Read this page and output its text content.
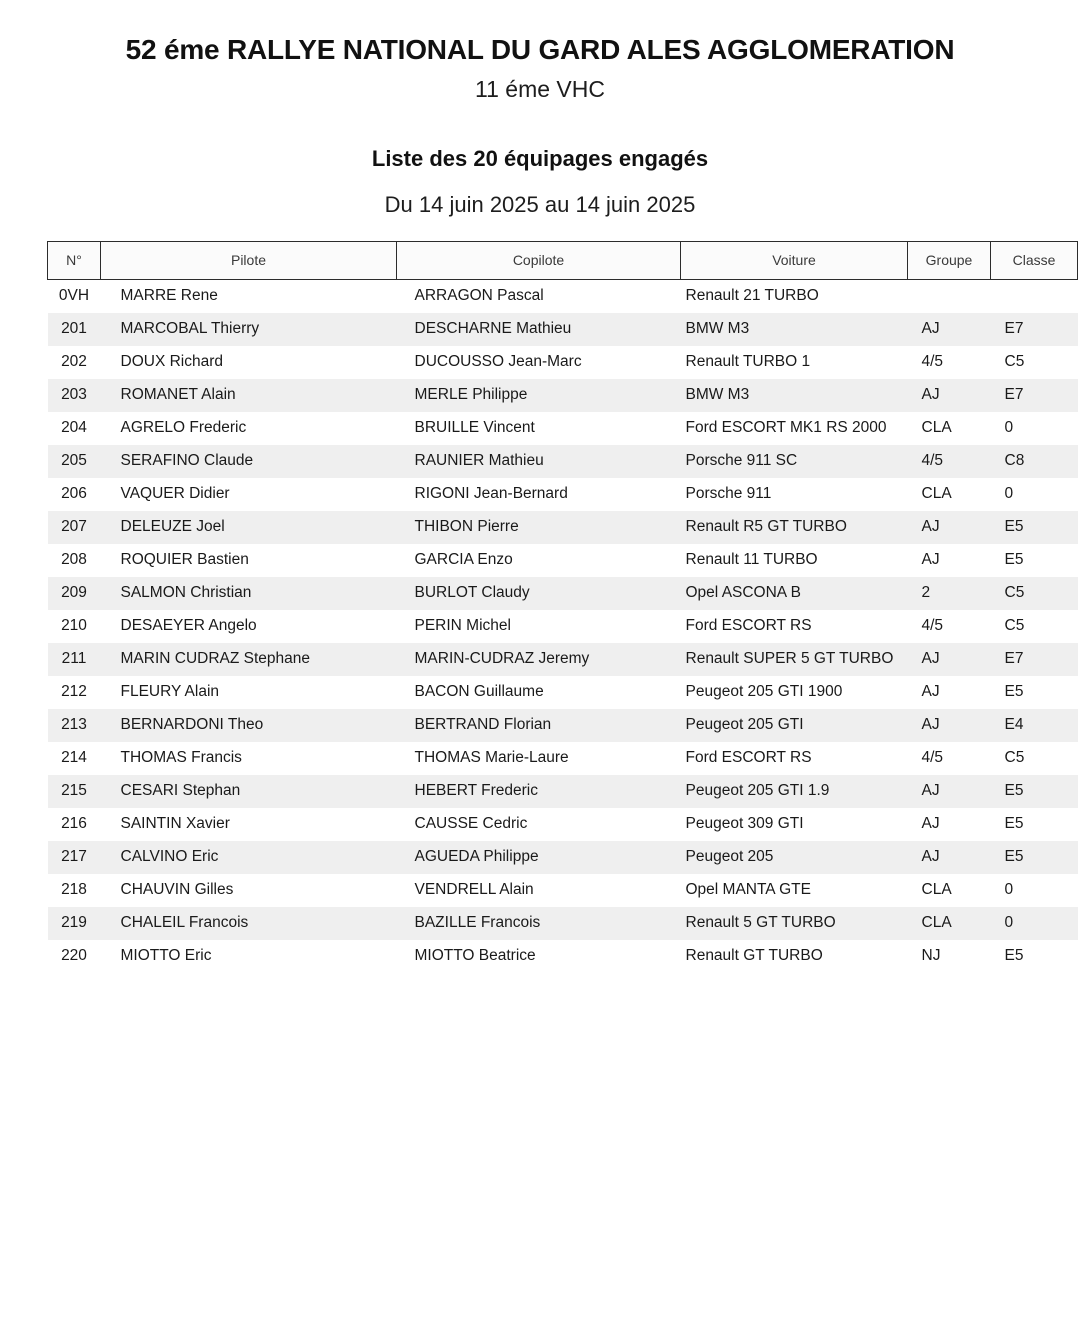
52 éme RALLYE NATIONAL DU GARD ALES AGGLOMERATION
11 éme VHC
Liste des 20 équipages engagés

Du 14 juin 2025 au 14 juin 2025

N°	Pilote	Copilote	Voiture	Groupe	Classe
0VH	MARRE Rene	ARRAGON Pascal	Renault 21 TURBO		
201	MARCOBAL Thierry	DESCHARNE Mathieu	BMW M3	AJ	E7
202	DOUX Richard	DUCOUSSO Jean-Marc	Renault TURBO 1	4/5	C5
203	ROMANET Alain	MERLE Philippe	BMW M3	AJ	E7
204	AGRELO Frederic	BRUILLE Vincent	Ford ESCORT MK1 RS 2000	CLA	0
205	SERAFINO Claude	RAUNIER Mathieu	Porsche 911 SC	4/5	C8
206	VAQUER Didier	RIGONI Jean-Bernard	Porsche 911	CLA	0
207	DELEUZE Joel	THIBON Pierre	Renault R5 GT TURBO	AJ	E5
208	ROQUIER Bastien	GARCIA Enzo	Renault 11 TURBO	AJ	E5
209	SALMON Christian	BURLOT Claudy	Opel ASCONA B	2	C5
210	DESAEYER Angelo	PERIN Michel	Ford ESCORT RS	4/5	C5
211	MARIN CUDRAZ Stephane	MARIN-CUDRAZ Jeremy	Renault SUPER 5 GT TURBO	AJ	E7
212	FLEURY Alain	BACON Guillaume	Peugeot 205 GTI 1900	AJ	E5
213	BERNARDONI Theo	BERTRAND Florian	Peugeot 205 GTI	AJ	E4
214	THOMAS Francis	THOMAS Marie-Laure	Ford ESCORT RS	4/5	C5
215	CESARI Stephan	HEBERT Frederic	Peugeot 205 GTI 1.9	AJ	E5
216	SAINTIN Xavier	CAUSSE Cedric	Peugeot 309 GTI	AJ	E5
217	CALVINO Eric	AGUEDA Philippe	Peugeot 205	AJ	E5
218	CHAUVIN Gilles	VENDRELL Alain	Opel MANTA GTE	CLA	0
219	CHALEIL Francois	BAZILLE Francois	Renault 5 GT TURBO	CLA	0
220	MIOTTO Eric	MIOTTO Beatrice	Renault GT TURBO	NJ	E5
